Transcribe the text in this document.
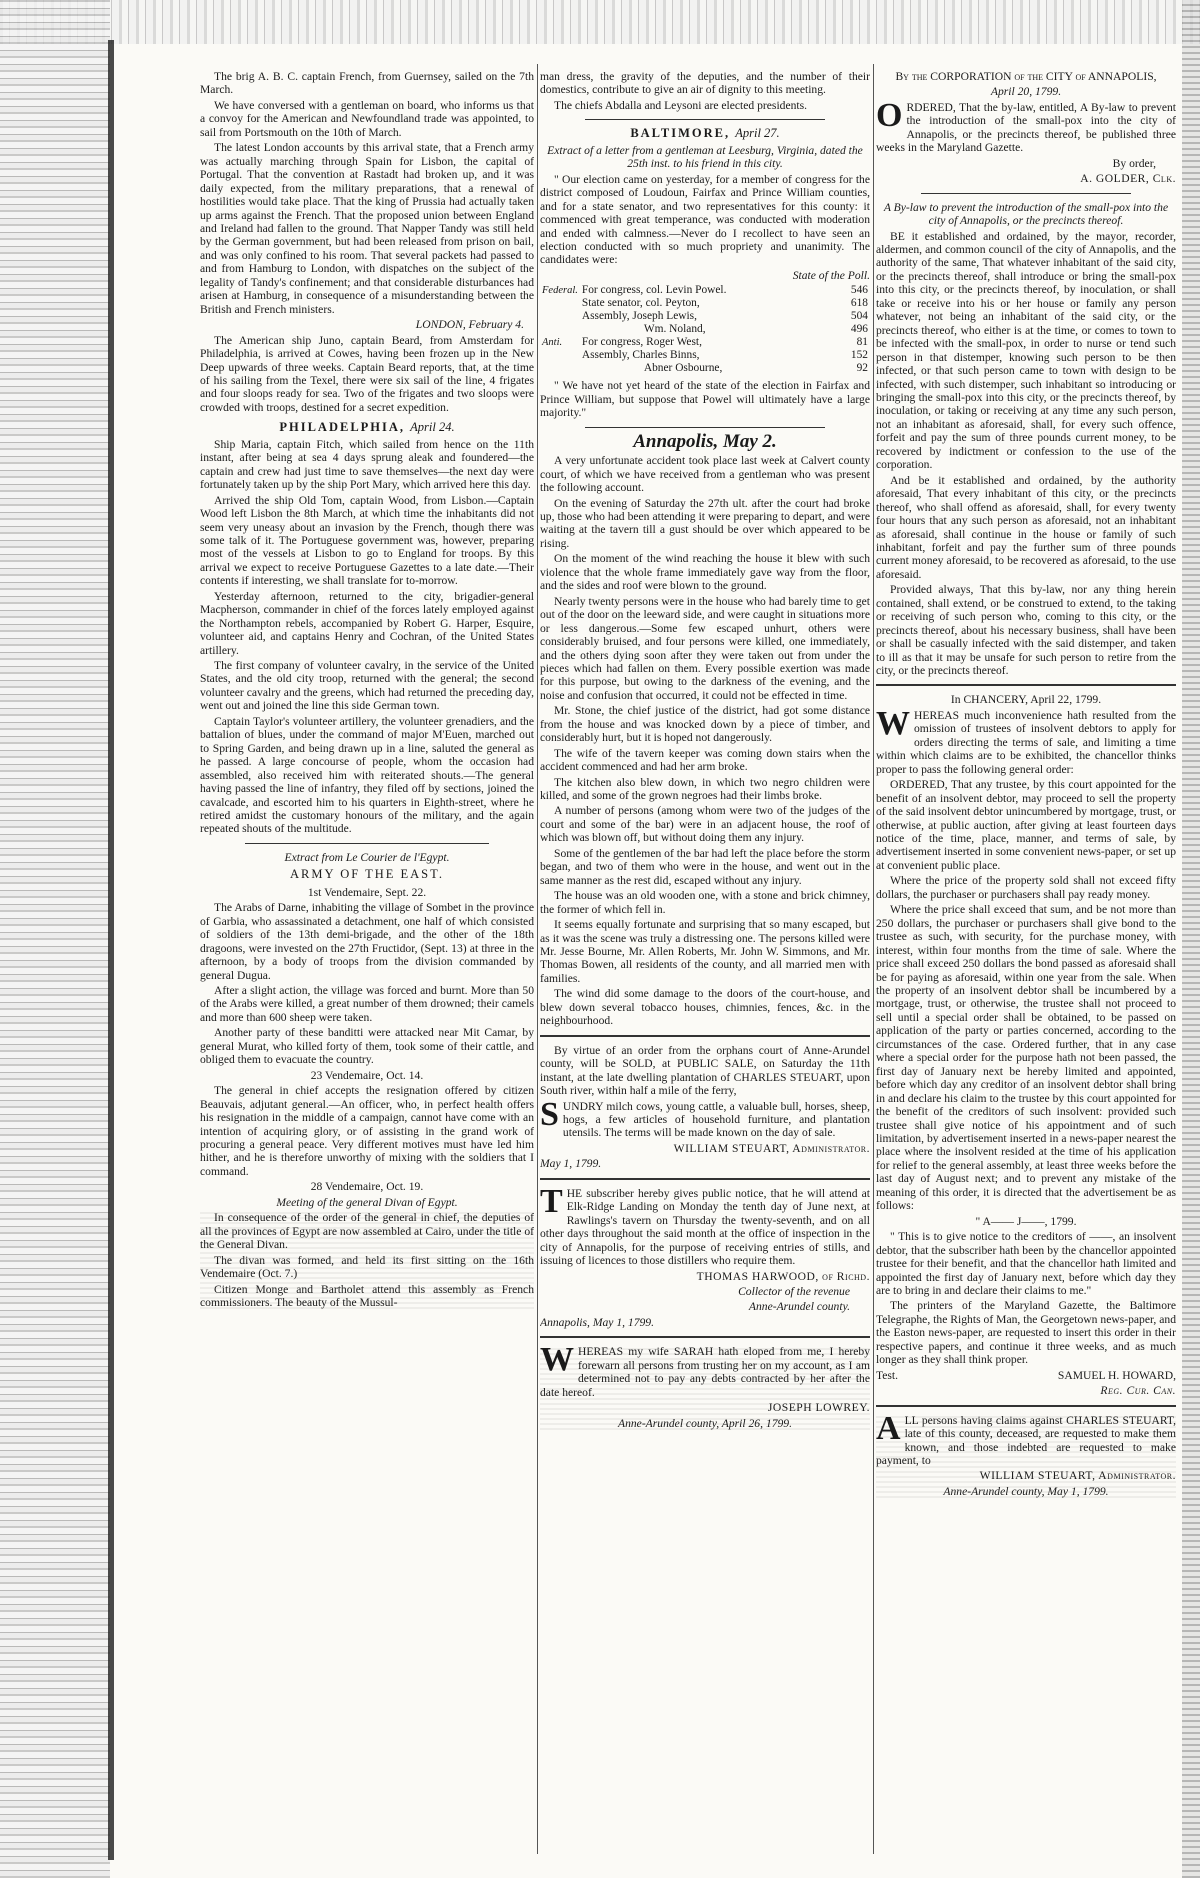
The brig A. B. C. captain French, from Guernsey, sailed on the 7th March.

We have conversed with a gentleman on board, who informs us that a convoy for the American and Newfoundland trade was appointed, to sail from Portsmouth on the 10th of March.

The latest London accounts by this arrival state, that a French army was actually marching through Spain for Lisbon, the capital of Portugal. That the convention at Rastadt had broken up, and it was daily expected, from the military preparations, that a renewal of hostilities would take place. That the king of Prussia had actually taken up arms against the French. That the proposed union between England and Ireland had fallen to the ground. That Napper Tandy was still held by the German government, but had been released from prison on bail, and was only confined to his room. That several packets had passed to and from Hamburg to London, with dispatches on the subject of the legality of Tandy's confinement; and that considerable disturbances had arisen at Hamburg, in consequence of a misunderstanding between the British and French ministers.

LONDON, February 4.

The American ship Juno, captain Beard, from Amsterdam for Philadelphia, is arrived at Cowes, having been frozen up in the New Deep upwards of three weeks. Captain Beard reports, that, at the time of his sailing from the Texel, there were six sail of the line, 4 frigates and four sloops ready for sea. Two of the frigates and two sloops were crowded with troops, destined for a secret expedition.

PHILADELPHIA, April 24.

Ship Maria, captain Fitch, which sailed from hence on the 11th instant, after being at sea 4 days sprung aleak and foundered—the captain and crew had just time to save themselves—the next day were fortunately taken up by the ship Port Mary, which arrived here this day.

Arrived the ship Old Tom, captain Wood, from Lisbon.—Captain Wood left Lisbon the 8th March, at which time the inhabitants did not seem very uneasy about an invasion by the French, though there was some talk of it. The Portuguese government was, however, preparing most of the vessels at Lisbon to go to England for troops. By this arrival we expect to receive Portuguese Gazettes to a late date.—Their contents if interesting, we shall translate for to-morrow.

Yesterday afternoon, returned to the city, brigadier-general Macpherson, commander in chief of the forces lately employed against the Northampton rebels, accompanied by Robert G. Harper, Esquire, volunteer aid, and captains Henry and Cochran, of the United States artillery.

The first company of volunteer cavalry, in the service of the United States, and the old city troop, returned with the general; the second volunteer cavalry and the greens, which had returned the preceding day, went out and joined the line this side German town.

Captain Taylor's volunteer artillery, the volunteer grenadiers, and the battalion of blues, under the command of major M'Euen, marched out to Spring Garden, and being drawn up in a line, saluted the general as he passed. A large concourse of people, whom the occasion had assembled, also received him with reiterated shouts.—The general having passed the line of infantry, they filed off by sections, joined the cavalcade, and escorted him to his quarters in Eighth-street, where he retired amidst the customary honours of the military, and the again repeated shouts of the multitude.

Extract from Le Courier de l'Egypt.

ARMY OF THE EAST.

1st Vendemaire, Sept. 22.

The Arabs of Darne, inhabiting the village of Sombet in the province of Garbia, who assassinated a detachment, one half of which consisted of soldiers of the 13th demi-brigade, and the other of the 18th dragoons, were invested on the 27th Fructidor, (Sept. 13) at three in the afternoon, by a body of troops from the division commanded by general Dugua.

After a slight action, the village was forced and burnt. More than 50 of the Arabs were killed, a great number of them drowned; their camels and more than 600 sheep were taken.

Another party of these banditti were attacked near Mit Camar, by general Murat, who killed forty of them, took some of their cattle, and obliged them to evacuate the country.

23 Vendemaire, Oct. 14.

The general in chief accepts the resignation offered by citizen Beauvais, adjutant general.—An officer, who, in perfect health offers his resignation in the middle of a campaign, cannot have come with an intention of acquiring glory, or of assisting in the grand work of procuring a general peace. Very different motives must have led him hither, and he is therefore unworthy of mixing with the soldiers that I command.

28 Vendemaire, Oct. 19.

Meeting of the general Divan of Egypt.

In consequence of the order of the general in chief, the deputies of all the provinces of Egypt are now assembled at Cairo, under the title of the General Divan.

The divan was formed, and held its first sitting on the 16th Vendemaire (Oct. 7.)

Citizen Monge and Bartholet attend this assembly as French commissioners. The beauty of the Mussul-

man dress, the gravity of the deputies, and the number of their domestics, contribute to give an air of dignity to this meeting.

The chiefs Abdalla and Leysoni are elected presidents.

BALTIMORE, April 27.

Extract of a letter from a gentleman at Leesburg, Virginia, dated the 25th inst. to his friend in this city.

" Our election came on yesterday, for a member of congress for the district composed of Loudoun, Fairfax and Prince William counties, and for a state senator, and two representatives for this county: it commenced with great temperance, was conducted with moderation and ended with calmness.—Never do I recollect to have seen an election conducted with so much propriety and unanimity. The candidates were:

State of the Poll.

Federal.	For congress, col. Levin Powel.	546
	State senator, col. Peyton,	618
	Assembly, Joseph Lewis,	504
	Wm. Noland,	496
Anti.	For congress, Roger West,	81
	Assembly, Charles Binns,	152
	Abner Osbourne,	92

" We have not yet heard of the state of the election in Fairfax and Prince William, but suppose that Powel will ultimately have a large majority."

Annapolis, May 2.

A very unfortunate accident took place last week at Calvert county court, of which we have received from a gentleman who was present the following account.

On the evening of Saturday the 27th ult. after the court had broke up, those who had been attending it were preparing to depart, and were waiting at the tavern till a gust should be over which appeared to be rising.

On the moment of the wind reaching the house it blew with such violence that the whole frame immediately gave way from the floor, and the sides and roof were blown to the ground.

Nearly twenty persons were in the house who had barely time to get out of the door on the leeward side, and were caught in situations more or less dangerous.—Some few escaped unhurt, others were considerably bruised, and four persons were killed, one immediately, and the others dying soon after they were taken out from under the pieces which had fallen on them. Every possible exertion was made for this purpose, but owing to the darkness of the evening, and the noise and confusion that occurred, it could not be effected in time.

Mr. Stone, the chief justice of the district, had got some distance from the house and was knocked down by a piece of timber, and considerably hurt, but it is hoped not dangerously.

The wife of the tavern keeper was coming down stairs when the accident commenced and had her arm broke.

The kitchen also blew down, in which two negro children were killed, and some of the grown negroes had their limbs broke.

A number of persons (among whom were two of the judges of the court and some of the bar) were in an adjacent house, the roof of which was blown off, but without doing them any injury.

Some of the gentlemen of the bar had left the place before the storm began, and two of them who were in the house, and went out in the same manner as the rest did, escaped without any injury.

The house was an old wooden one, with a stone and brick chimney, the former of which fell in.

It seems equally fortunate and surprising that so many escaped, but as it was the scene was truly a distressing one. The persons killed were Mr. Jesse Bourne, Mr. Allen Roberts, Mr. John W. Simmons, and Mr. Thomas Bowen, all residents of the county, and all married men with families.

The wind did some damage to the doors of the court-house, and blew down several tobacco houses, chimnies, fences, &c. in the neighbourhood.

By virtue of an order from the orphans court of Anne-Arundel county, will be SOLD, at PUBLIC SALE, on Saturday the 11th instant, at the late dwelling plantation of CHARLES STEUART, upon South river, within half a mile of the ferry,

SUNDRY milch cows, young cattle, a valuable bull, horses, sheep, hogs, a few articles of household furniture, and plantation utensils. The terms will be made known on the day of sale.

WILLIAM STEUART, Administrator.

May 1, 1799.

THE subscriber hereby gives public notice, that he will attend at Elk-Ridge Landing on Monday the tenth day of June next, at Rawlings's tavern on Thursday the twenty-seventh, and on all other days throughout the said month at the office of inspection in the city of Annapolis, for the purpose of receiving entries of stills, and issuing of licences to those distillers who require them.

THOMAS HARWOOD, of Richd.

Collector of the revenue

Anne-Arundel county.

Annapolis, May 1, 1799.

WHEREAS my wife SARAH hath eloped from me, I hereby forewarn all persons from trusting her on my account, as I am determined not to pay any debts contracted by her after the date hereof.

JOSEPH LOWREY.

Anne-Arundel county, April 26, 1799.

By the CORPORATION of the CITY of ANNAPOLIS,

April 20, 1799.

ORDERED, That the by-law, entitled, A By-law to prevent the introduction of the small-pox into the city of Annapolis, or the precincts thereof, be published three weeks in the Maryland Gazette.

By order,

A. GOLDER, Clk.

A By-law to prevent the introduction of the small-pox into the city of Annapolis, or the precincts thereof.

BE it established and ordained, by the mayor, recorder, aldermen, and common council of the city of Annapolis, and the authority of the same, That whatever inhabitant of the said city, or the precincts thereof, shall introduce or bring the small-pox into this city, or the precincts thereof, by inoculation, or shall take or receive into his or her house or family any person whatever, not being an inhabitant of the said city, or the precincts thereof, who either is at the time, or comes to town to be infected with the small-pox, in order to nurse or tend such person in that distemper, knowing such person to be then infected, or that such person came to town with design to be infected, with such distemper, such inhabitant so introducing or bringing the small-pox into this city, or the precincts thereof, by inoculation, or taking or receiving at any time any such person, not an inhabitant as aforesaid, shall, for every such offence, forfeit and pay the sum of three pounds current money, to be recovered by indictment or confession to the use of the corporation.

And be it established and ordained, by the authority aforesaid, That every inhabitant of this city, or the precincts thereof, who shall offend as aforesaid, shall, for every twenty four hours that any such person as aforesaid, not an inhabitant as aforesaid, shall continue in the house or family of such inhabitant, forfeit and pay the further sum of three pounds current money aforesaid, to be recovered as aforesaid, to the use aforesaid.

Provided always, That this by-law, nor any thing herein contained, shall extend, or be construed to extend, to the taking or receiving of such person who, coming to this city, or the precincts thereof, about his necessary business, shall have been or shall be casually infected with the said distemper, and taken to ill as that it may be unsafe for such person to retire from the city, or the precincts thereof.

In CHANCERY, April 22, 1799.

WHEREAS much inconvenience hath resulted from the omission of trustees of insolvent debtors to apply for orders directing the terms of sale, and limiting a time within which claims are to be exhibited, the chancellor thinks proper to pass the following general order:

ORDERED, That any trustee, by this court appointed for the benefit of an insolvent debtor, may proceed to sell the property of the said insolvent debtor unincumbered by mortgage, trust, or otherwise, at public auction, after giving at least fourteen days notice of the time, place, manner, and terms of sale, by advertisement inserted in some convenient news-paper, or set up at convenient public place.

Where the price of the property sold shall not exceed fifty dollars, the purchaser or purchasers shall pay ready money.

Where the price shall exceed that sum, and be not more than 250 dollars, the purchaser or purchasers shall give bond to the trustee as such, with security, for the purchase money, with interest, within four months from the time of sale. Where the price shall exceed 250 dollars the bond passed as aforesaid shall be for paying as aforesaid, within one year from the sale. When the property of an insolvent debtor shall be incumbered by a mortgage, trust, or otherwise, the trustee shall not proceed to sell until a special order shall be obtained, to be passed on application of the party or parties concerned, according to the circumstances of the case. Ordered further, that in any case where a special order for the purpose hath not been passed, the first day of January next be hereby limited and appointed, before which day any creditor of an insolvent debtor shall bring in and declare his claim to the trustee by this court appointed for the benefit of the creditors of such insolvent: provided such trustee shall give notice of his appointment and of such limitation, by advertisement inserted in a news-paper nearest the place where the insolvent resided at the time of his application for relief to the general assembly, at least three weeks before the last day of August next; and to prevent any mistake of the meaning of this order, it is directed that the advertisement be as follows:

" A—— J——, 1799.

" This is to give notice to the creditors of ——, an insolvent debtor, that the subscriber hath been by the chancellor appointed trustee for their benefit, and that the chancellor hath limited and appointed the first day of January next, before which day they are to bring in and declare their claims to me."

The printers of the Maryland Gazette, the Baltimore Telegraphe, the Rights of Man, the Georgetown news-paper, and the Easton news-paper, are requested to insert this order in their respective papers, and continue it three weeks, and as much longer as they shall think proper.

Test.	SAMUEL H. HOWARD,

Reg. Cur. Can.

ALL persons having claims against CHARLES STEUART, late of this county, deceased, are requested to make them known, and those indebted are requested to make payment, to

WILLIAM STEUART, Administrator.

Anne-Arundel county, May 1, 1799.
